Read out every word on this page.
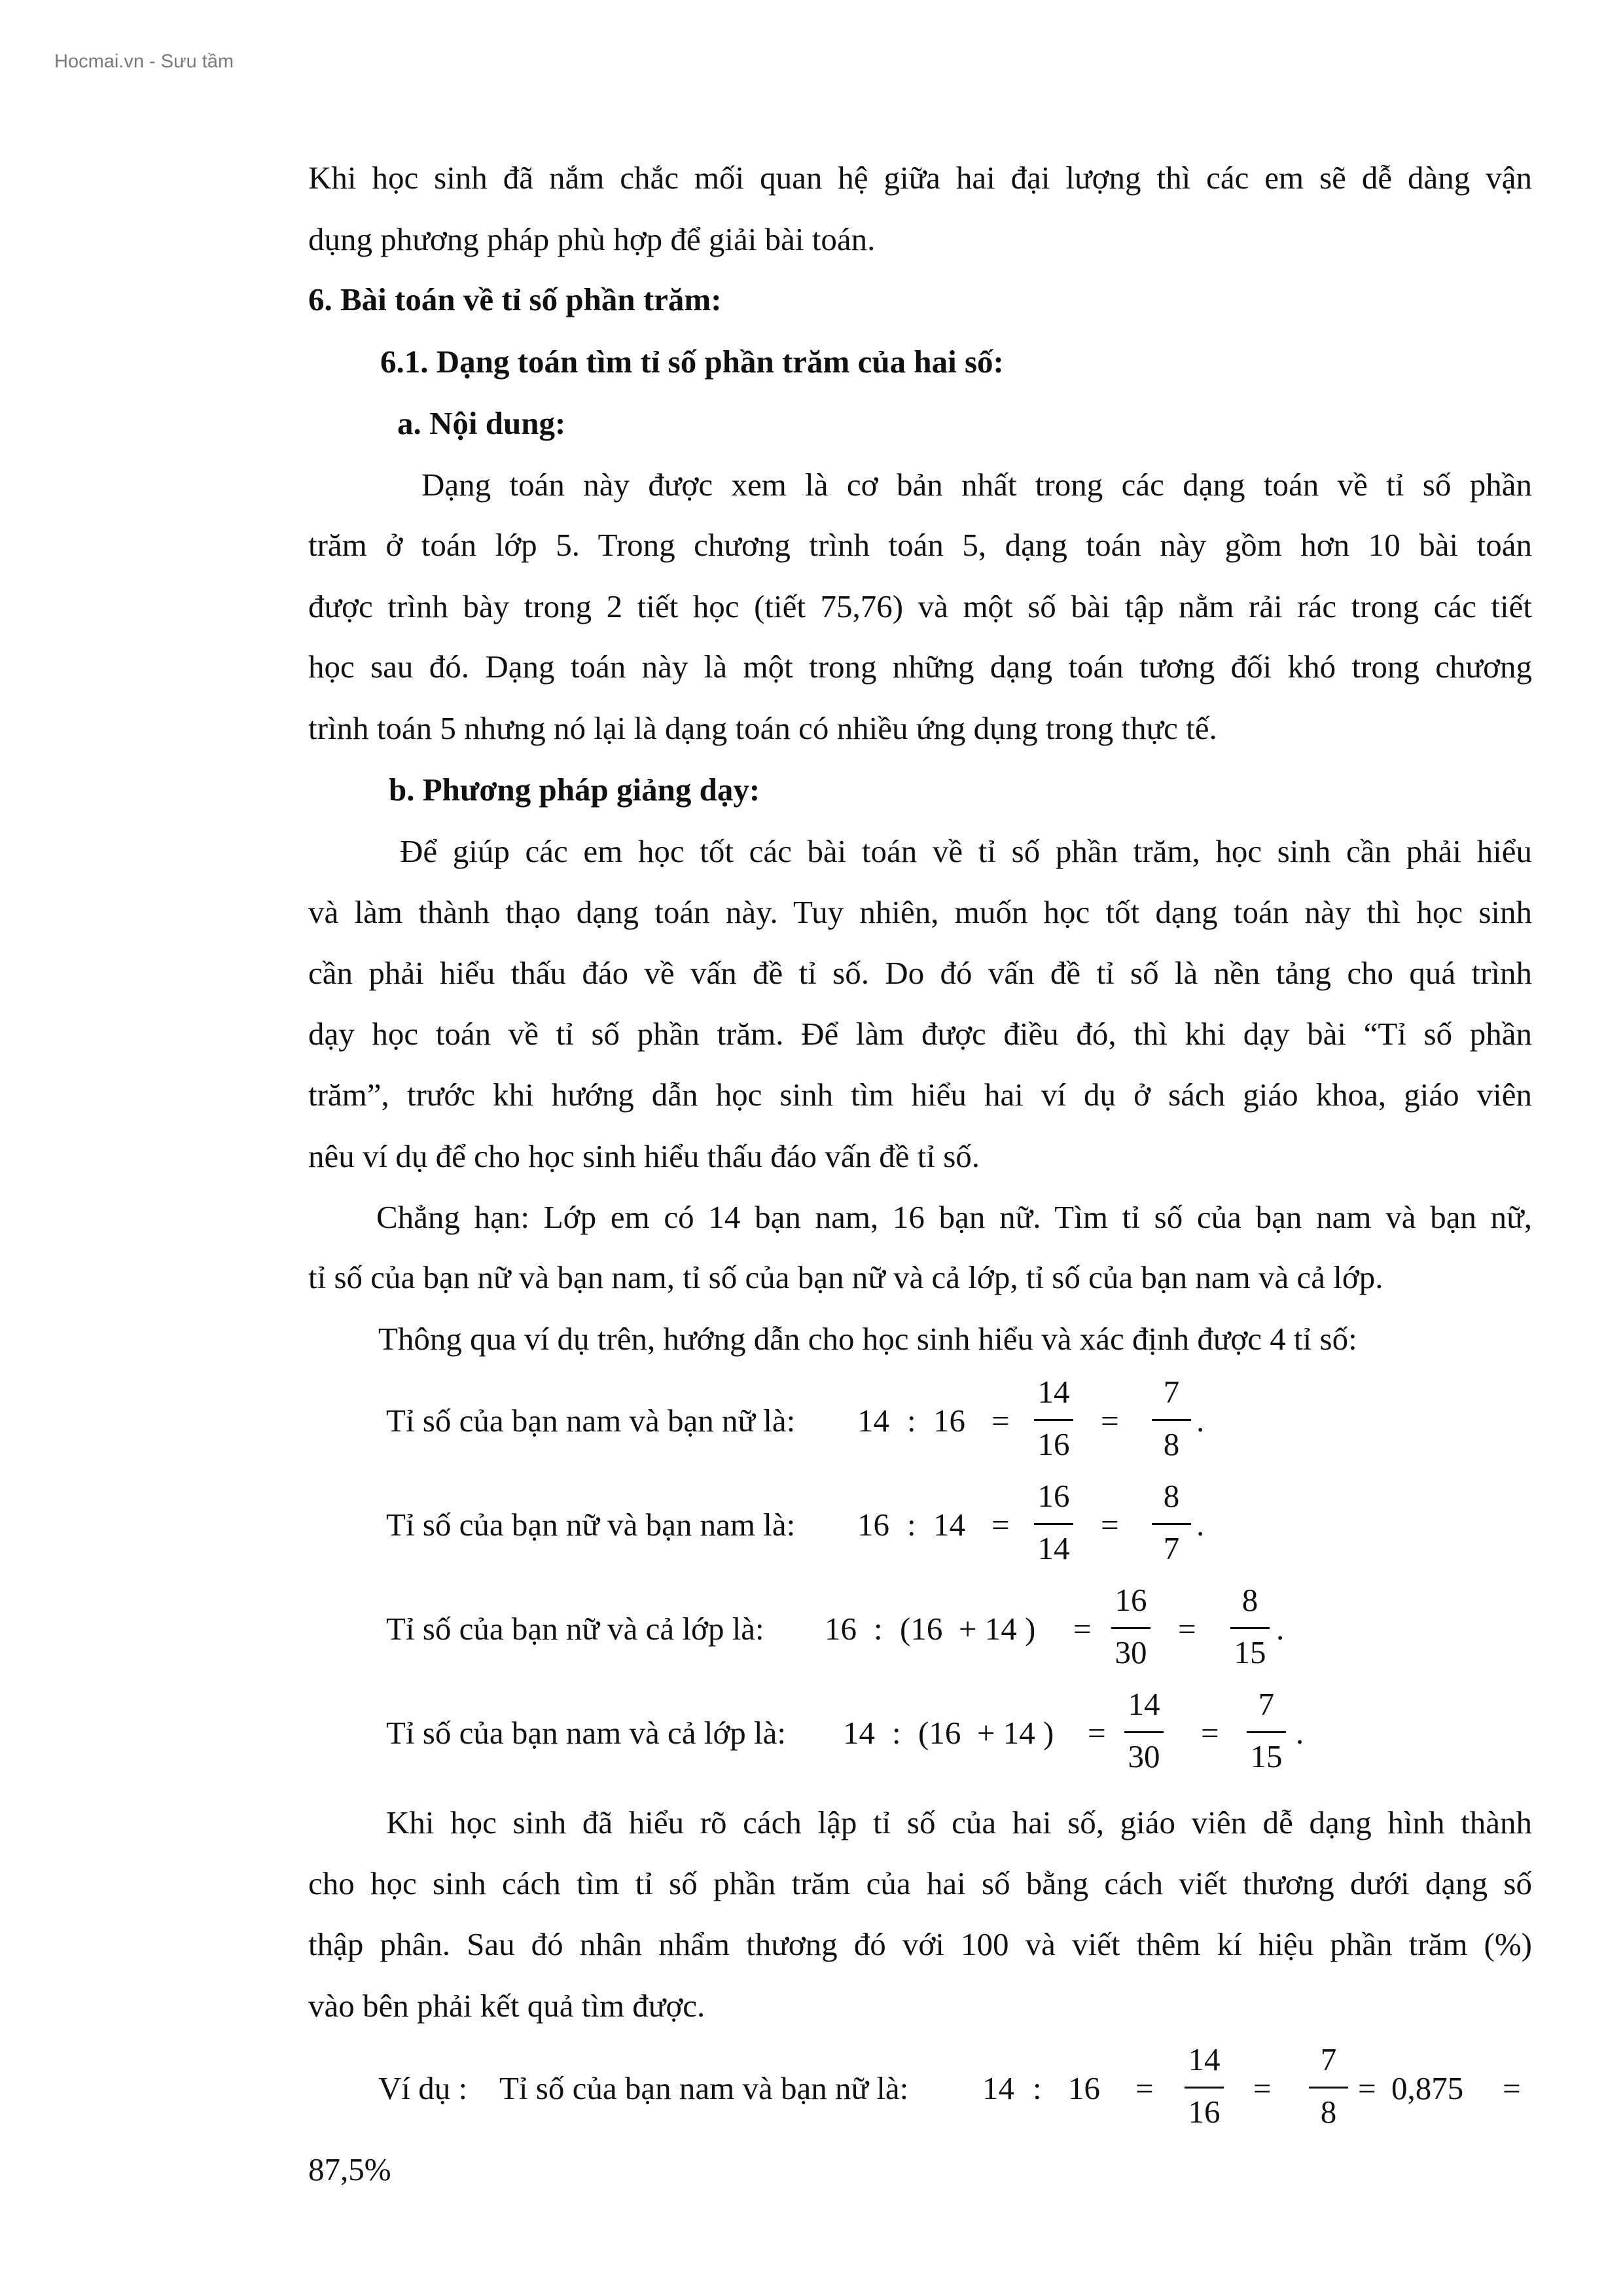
Hocmai.vn - Sưu tầm
Khi học sinh đã nắm chắc mối quan hệ giữa hai đại lượng thì các em sẽ dễ dàng vận
dụng phương pháp phù hợp để giải bài toán.
6. Bài toán về tỉ số phần trăm:
6.1. Dạng toán tìm tỉ số phần trăm của hai số:
a. Nội dung:
Dạng toán này được xem là cơ bản nhất trong các dạng toán về tỉ số phần
trăm ở toán lớp 5. Trong chương trình toán 5, dạng toán này gồm hơn 10 bài toán
được trình bày trong 2 tiết học (tiết 75,76) và một số bài tập nằm rải rác trong các tiết
học sau đó. Dạng toán này là một trong những dạng toán tương đối khó trong chương
trình toán 5 nhưng nó lại là dạng toán có nhiều ứng dụng trong thực tế.
b. Phương pháp giảng dạy:
Để giúp các em học tốt các bài toán về tỉ số phần trăm, học sinh cần phải hiểu
và làm thành thạo dạng toán này. Tuy nhiên, muốn học tốt dạng toán này thì học sinh
cần phải hiểu thấu đáo về vấn đề tỉ số. Do đó vấn đề tỉ số là nền tảng cho quá trình
dạy học toán về tỉ số phần trăm. Để làm được điều đó, thì khi dạy bài “Tỉ số phần
trăm”, trước khi hướng dẫn học sinh tìm hiểu hai ví dụ ở sách giáo khoa, giáo viên
nêu ví dụ để cho học sinh hiểu thấu đáo vấn đề tỉ số.
Chẳng hạn: Lớp em có 14 bạn nam, 16 bạn nữ. Tìm tỉ số của bạn nam và bạn nữ,
tỉ số của bạn nữ và bạn nam, tỉ số của bạn nữ và cả lớp, tỉ số của bạn nam và cả lớp.
Thông qua ví dụ trên, hướng dẫn cho học sinh hiểu và xác định được 4 tỉ số:
Tỉ số của bạn nam và bạn nữ là: 14 : 16 =
14
16
=
7
8
.
Tỉ số của bạn nữ và bạn nam là: 16 : 14 =
16
14
=
8
7
.
Tỉ số của bạn nữ và cả lớp là: 16 : (16  + 14 ) =
16
30
=
8
15
.
Tỉ số của bạn nam và cả lớp là: 14 : (16  + 14 ) =
14
30
=
7
15
.
Khi học sinh đã hiểu rõ cách lập tỉ số của hai số, giáo viên dễ dạng hình thành
cho học sinh cách tìm tỉ số phần trăm của hai số bằng cách viết thương dưới dạng số
thập phân. Sau đó nhân nhẩm thương đó với 100 và viết thêm kí hiệu phần trăm (%)
vào bên phải kết quả tìm được.
Ví dụ : Tỉ số của bạn nam và bạn nữ là: 14 : 16 =
14
16
=
7
8
= 0,875 =
87,5%
